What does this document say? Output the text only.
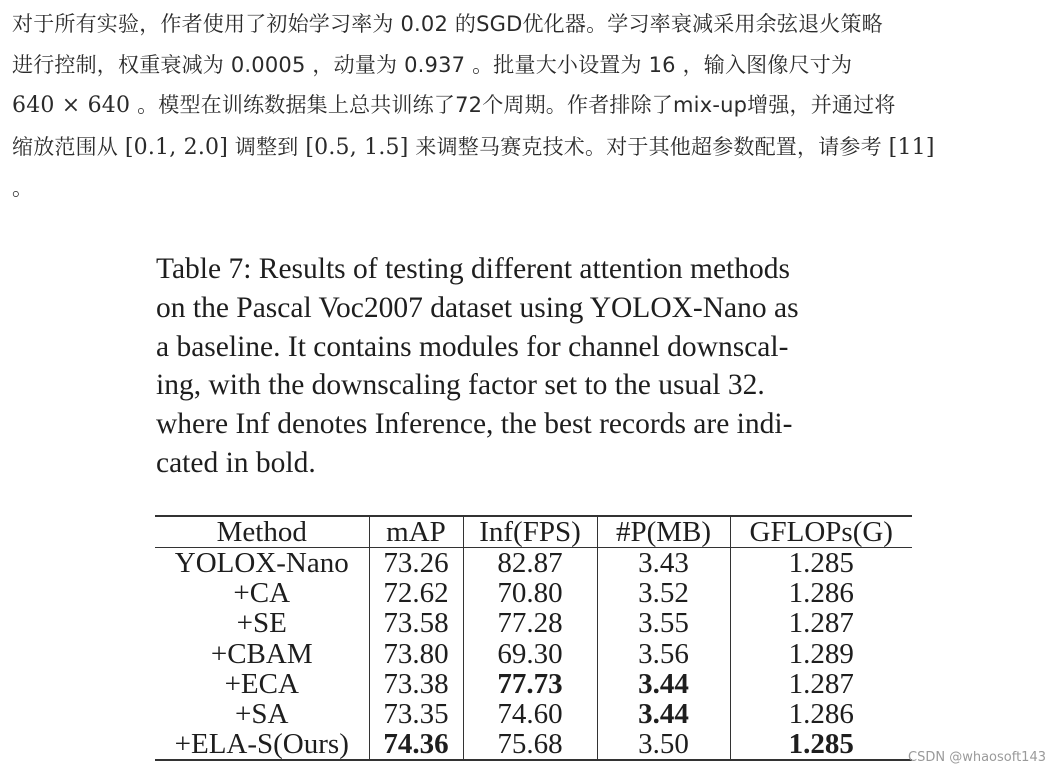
对于所有实验，作者使用了初始学习率为 0.02 的SGD优化器。学习率衰减采用余弦退火策略
进行控制，权重衰减为 0.0005 ，动量为 0.937 。批量大小设置为 16 ，输入图像尺寸为
640 × 640 。模型在训练数据集上总共训练了72个周期。作者排除了mix-up增强，并通过将
缩放范围从 [0.1, 2.0] 调整到 [0.5, 1.5] 来调整马赛克技术。对于其他超参数配置，请参考 [11]
。
Table 7: Results of testing different attention methods
on the Pascal Voc2007 dataset using YOLOX-Nano as
a baseline. It contains modules for channel downscal-
ing, with the downscaling factor set to the usual 32.
where Inf denotes Inference, the best records are indi-
cated in bold.
Method	mAP	Inf(FPS)	#P(MB)	GFLOPs(G)
YOLOX-Nano	73.26	82.87	3.43	1.285
+CA	72.62	70.80	3.52	1.286
+SE	73.58	77.28	3.55	1.287
+CBAM	73.80	69.30	3.56	1.289
+ECA	73.38	77.73	3.44	1.287
+SA	73.35	74.60	3.44	1.286
+ELA-S(Ours)	74.36	75.68	3.50	1.285	CSDN @whaosoft143
